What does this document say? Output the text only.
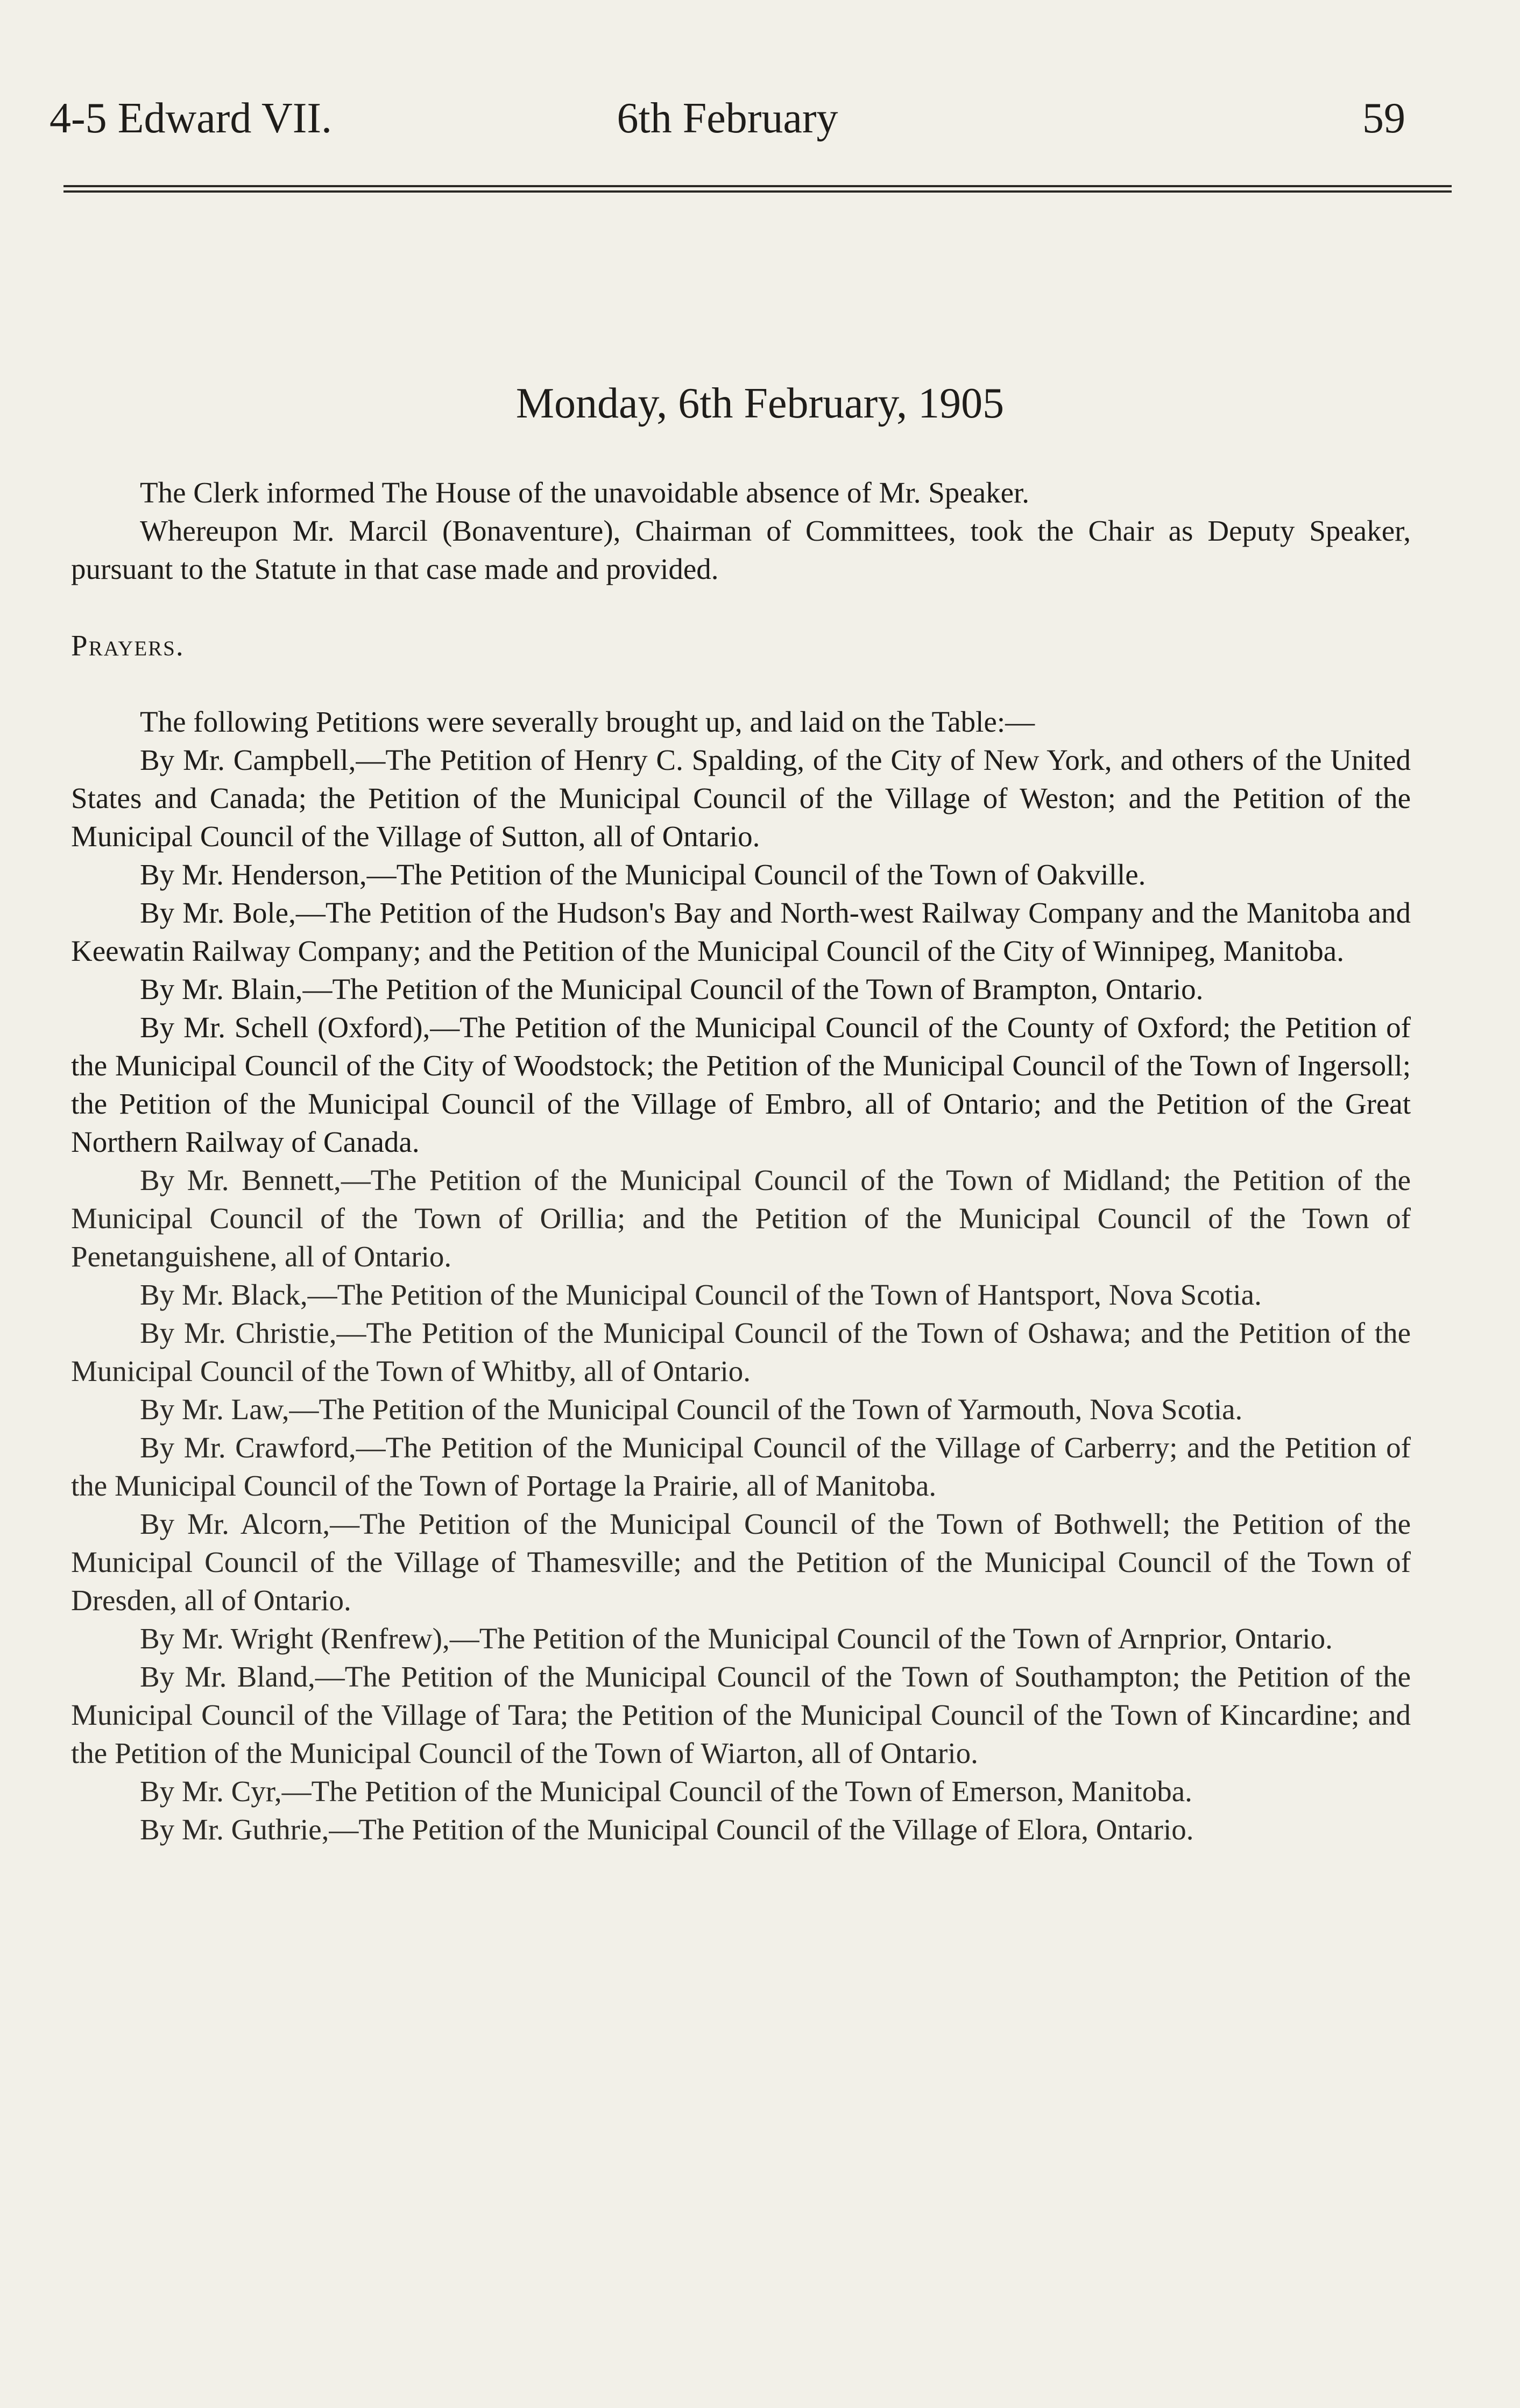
4-5 Edward VII.	6th February	59
Monday, 6th February, 1905

The Clerk informed The House of the unavoidable absence of Mr. Speaker.

Whereupon Mr. Marcil (Bonaventure), Chairman of Committees, took the Chair as Deputy Speaker, pursuant to the Statute in that case made and provided.

Prayers.

The following Petitions were severally brought up, and laid on the Table:—

By Mr. Campbell,—The Petition of Henry C. Spalding, of the City of New York, and others of the United States and Canada; the Petition of the Municipal Council of the Village of Weston; and the Petition of the Municipal Council of the Village of Sutton, all of Ontario.

By Mr. Henderson,—The Petition of the Municipal Council of the Town of Oakville.

By Mr. Bole,—The Petition of the Hudson's Bay and North-west Railway Company and the Manitoba and Keewatin Railway Company; and the Petition of the Municipal Council of the City of Winnipeg, Manitoba.

By Mr. Blain,—The Petition of the Municipal Council of the Town of Brampton, Ontario.

By Mr. Schell (Oxford),—The Petition of the Municipal Council of the County of Oxford; the Petition of the Municipal Council of the City of Woodstock; the Petition of the Municipal Council of the Town of Ingersoll; the Petition of the Municipal Council of the Village of Embro, all of Ontario; and the Petition of the Great Northern Railway of Canada.

By Mr. Bennett,—The Petition of the Municipal Council of the Town of Midland; the Petition of the Municipal Council of the Town of Orillia; and the Petition of the Municipal Council of the Town of Penetanguishene, all of Ontario.

By Mr. Black,—The Petition of the Municipal Council of the Town of Hantsport, Nova Scotia.

By Mr. Christie,—The Petition of the Municipal Council of the Town of Oshawa; and the Petition of the Municipal Council of the Town of Whitby, all of Ontario.

By Mr. Law,—The Petition of the Municipal Council of the Town of Yarmouth, Nova Scotia.

By Mr. Crawford,—The Petition of the Municipal Council of the Village of Carberry; and the Petition of the Municipal Council of the Town of Portage la Prairie, all of Manitoba.

By Mr. Alcorn,—The Petition of the Municipal Council of the Town of Bothwell; the Petition of the Municipal Council of the Village of Thamesville; and the Petition of the Municipal Council of the Town of Dresden, all of Ontario.

By Mr. Wright (Renfrew),—The Petition of the Municipal Council of the Town of Arnprior, Ontario.

By Mr. Bland,—The Petition of the Municipal Council of the Town of Southampton; the Petition of the Municipal Council of the Village of Tara; the Petition of the Municipal Council of the Town of Kincardine; and the Petition of the Municipal Council of the Town of Wiarton, all of Ontario.

By Mr. Cyr,—The Petition of the Municipal Council of the Town of Emerson, Manitoba.

By Mr. Guthrie,—The Petition of the Municipal Council of the Village of Elora, Ontario.
